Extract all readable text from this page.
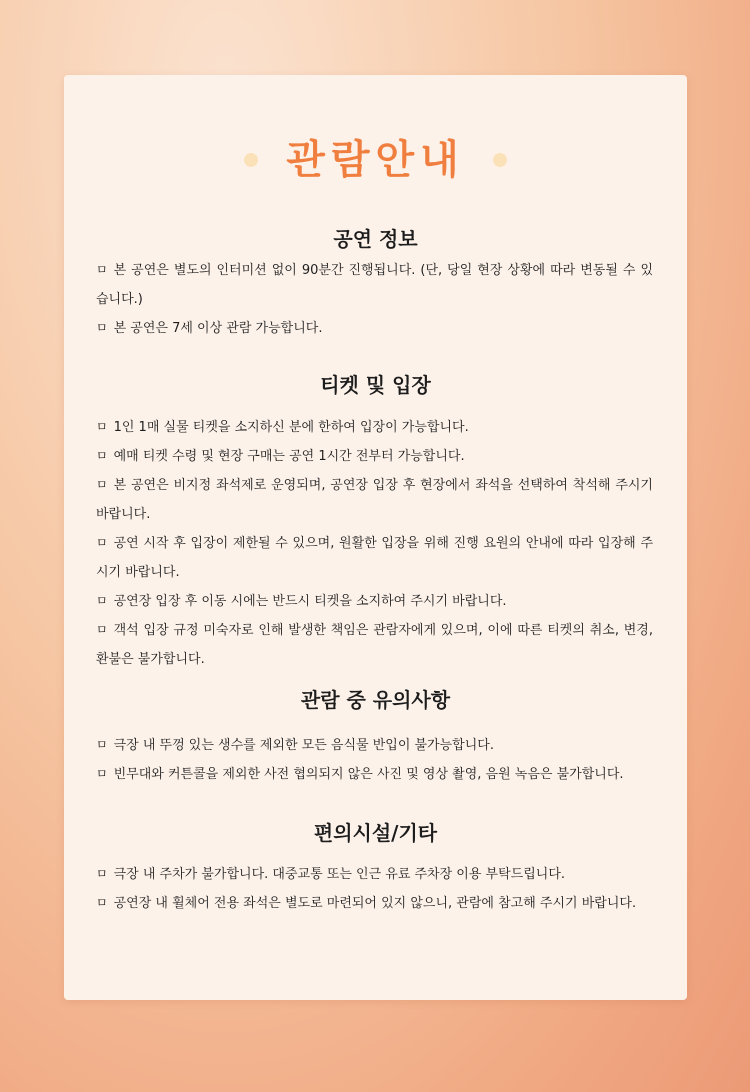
관람안내
공연 정보
ㅁ 본 공연은 별도의 인터미션 없이 90분간 진행됩니다. (단, 당일 현장 상황에 따라 변동될 수 있습니다.)
ㅁ 본 공연은 7세 이상 관람 가능합니다.
티켓 및 입장
ㅁ 1인 1매 실물 티켓을 소지하신 분에 한하여 입장이 가능합니다.
ㅁ 예매 티켓 수령 및 현장 구매는 공연 1시간 전부터 가능합니다.
ㅁ 본 공연은 비지정 좌석제로 운영되며, 공연장 입장 후 현장에서 좌석을 선택하여 착석해 주시기 바랍니다.
ㅁ 공연 시작 후 입장이 제한될 수 있으며, 원활한 입장을 위해 진행 요원의 안내에 따라 입장해 주시기 바랍니다.
ㅁ 공연장 입장 후 이동 시에는 반드시 티켓을 소지하여 주시기 바랍니다.
ㅁ 객석 입장 규정 미숙자로 인해 발생한 책임은 관람자에게 있으며, 이에 따른 티켓의 취소, 변경, 환불은 불가합니다.
관람 중 유의사항
ㅁ 극장 내 뚜껑 있는 생수를 제외한 모든 음식물 반입이 불가능합니다.
ㅁ 빈무대와 커튼콜을 제외한 사전 협의되지 않은 사진 및 영상 촬영, 음원 녹음은 불가합니다.
편의시설/기타
ㅁ 극장 내 주차가 불가합니다. 대중교통 또는 인근 유료 주차장 이용 부탁드립니다.
ㅁ 공연장 내 휠체어 전용 좌석은 별도로 마련되어 있지 않으니, 관람에 참고해 주시기 바랍니다.
